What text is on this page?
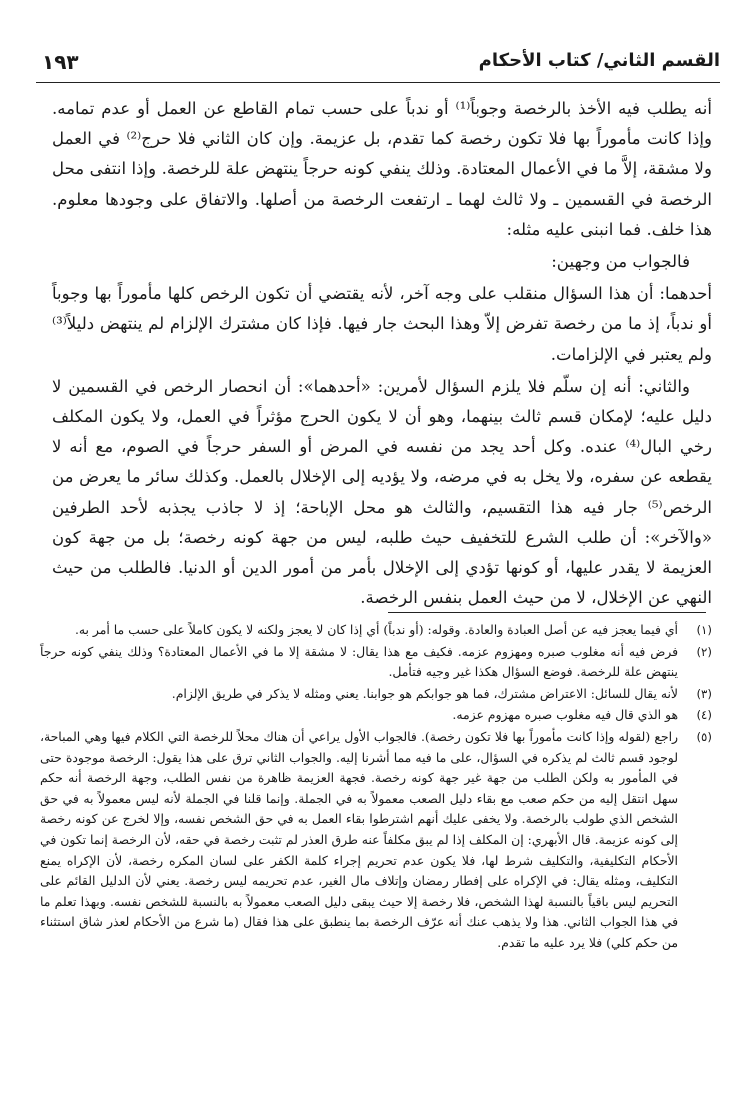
القسم الثاني/ كتاب الأحكام
١٩٣

أنه يطلب فيه الأخذ بالرخصة وجوباً⁽¹⁾ أو ندباً على حسب تمام القاطع عن العمل أو عدم تمامه. وإذا كانت مأموراً بها فلا تكون رخصة كما تقدم، بل عزيمة. وإن كان الثاني فلا حرج⁽²⁾ في العمل ولا مشقة، إلاَّ ما في الأعمال المعتادة. وذلك ينفي كونه حرجاً ينتهض علة للرخصة. وإذا انتفى محل الرخصة في القسمين ـ ولا ثالث لهما ـ ارتفعت الرخصة من أصلها. والاتفاق على وجودها معلوم. هذا خلف. فما انبنى عليه مثله:

فالجواب من وجهين:

أحدهما: أن هذا السؤال منقلب على وجه آخر، لأنه يقتضي أن تكون الرخص كلها مأموراً بها وجوباً أو ندباً، إذ ما من رخصة تفرض إلاّ وهذا البحث جار فيها. فإذا كان مشترك الإلزام لم ينتهض دليلاً⁽³⁾ولم يعتبر في الإلزامات.

والثاني: أنه إن سلّم فلا يلزم السؤال لأمرين: «أحدهما»: أن انحصار الرخص في القسمين لا دليل عليه؛ لإمكان قسم ثالث بينهما، وهو أن لا يكون الحرج مؤثراً في العمل، ولا يكون المكلف رخي البال⁽⁴⁾ عنده. وكل أحد يجد من نفسه في المرض أو السفر حرجاً في الصوم، مع أنه لا يقطعه عن سفره، ولا يخل به في مرضه، ولا يؤديه إلى الإخلال بالعمل. وكذلك سائر ما يعرض من الرخص⁽⁵⁾ جار فيه هذا التقسيم، والثالث هو محل الإباحة؛ إذ لا جاذب يجذبه لأحد الطرفين «والآخر»: أن طلب الشرع للتخفيف حيث طلبه، ليس من جهة كونه رخصة؛ بل من جهة كون العزيمة لا يقدر عليها، أو كونها تؤدي إلى الإخلال بأمر من أمور الدين أو الدنيا. فالطلب من حيث النهي عن الإخلال، لا من حيث العمل بنفس الرخصة.

(١)
أي فيما يعجز فيه عن أصل العبادة والعادة. وقوله: (أو ندباً) أي إذا كان لا يعجز ولكنه لا يكون كاملاً على حسب ما أمر به.
(٢)
فرض فيه أنه مغلوب صبره ومهزوم عزمه. فكيف مع هذا يقال: لا مشقة إلا ما في الأعمال المعتادة؟ وذلك ينفي كونه حرجاً ينتهض علة للرخصة. فوضع السؤال هكذا غير وجيه فتأمل.
(٣)
لأنه يقال للسائل: الاعتراض مشترك، فما هو جوابكم هو جوابنا. يعني ومثله لا يذكر في طريق الإلزام.
(٤)
هو الذي قال فيه مغلوب صبره مهزوم عزمه.
(٥)
راجع (لقوله وإذا كانت مأموراً بها فلا تكون رخصة). فالجواب الأول يراعي أن هناك محلاً للرخصة التي الكلام فيها وهي المباحة، لوجود قسم ثالث لم يذكره في السؤال، على ما فيه مما أشرنا إليه. والجواب الثاني ترق على هذا يقول: الرخصة موجودة حتى في المأمور به ولكن الطلب من جهة غير جهة كونه رخصة. فجهة العزيمة ظاهرة من نفس الطلب، وجهة الرخصة أنه حكم سهل انتقل إليه من حكم صعب مع بقاء دليل الصعب معمولاً به في الجملة. وإنما قلنا في الجملة لأنه ليس معمولاً به في حق الشخص الذي طولب بالرخصة. ولا يخفى عليك أنهم اشترطوا بقاء العمل به في حق الشخص نفسه، وإلا لخرج عن كونه رخصة إلى كونه عزيمة. قال الأبهري: إن المكلف إذا لم يبق مكلفاً عنه طرق العذر لم تثبت رخصة في حقه، لأن الرخصة إنما تكون في الأحكام التكليفية، والتكليف شرط لها، فلا يكون عدم تحريم إجراء كلمة الكفر على لسان المكره رخصة، لأن الإكراه يمنع التكليف، ومثله يقال: في الإكراه على إفطار رمضان وإتلاف مال الغير، عدم تحريمه ليس رخصة. يعني لأن الدليل القائم على التحريم ليس باقياً بالنسبة لهذا الشخص، فلا رخصة إلا حيث يبقى دليل الصعب معمولاً به بالنسبة للشخص نفسه. وبهذا تعلم ما في هذا الجواب الثاني. هذا ولا يذهب عنك أنه عرّف الرخصة بما ينطبق على هذا فقال (ما شرع من الأحكام لعذر شاق استثناء من حكم كلي) فلا يرد عليه ما تقدم.
